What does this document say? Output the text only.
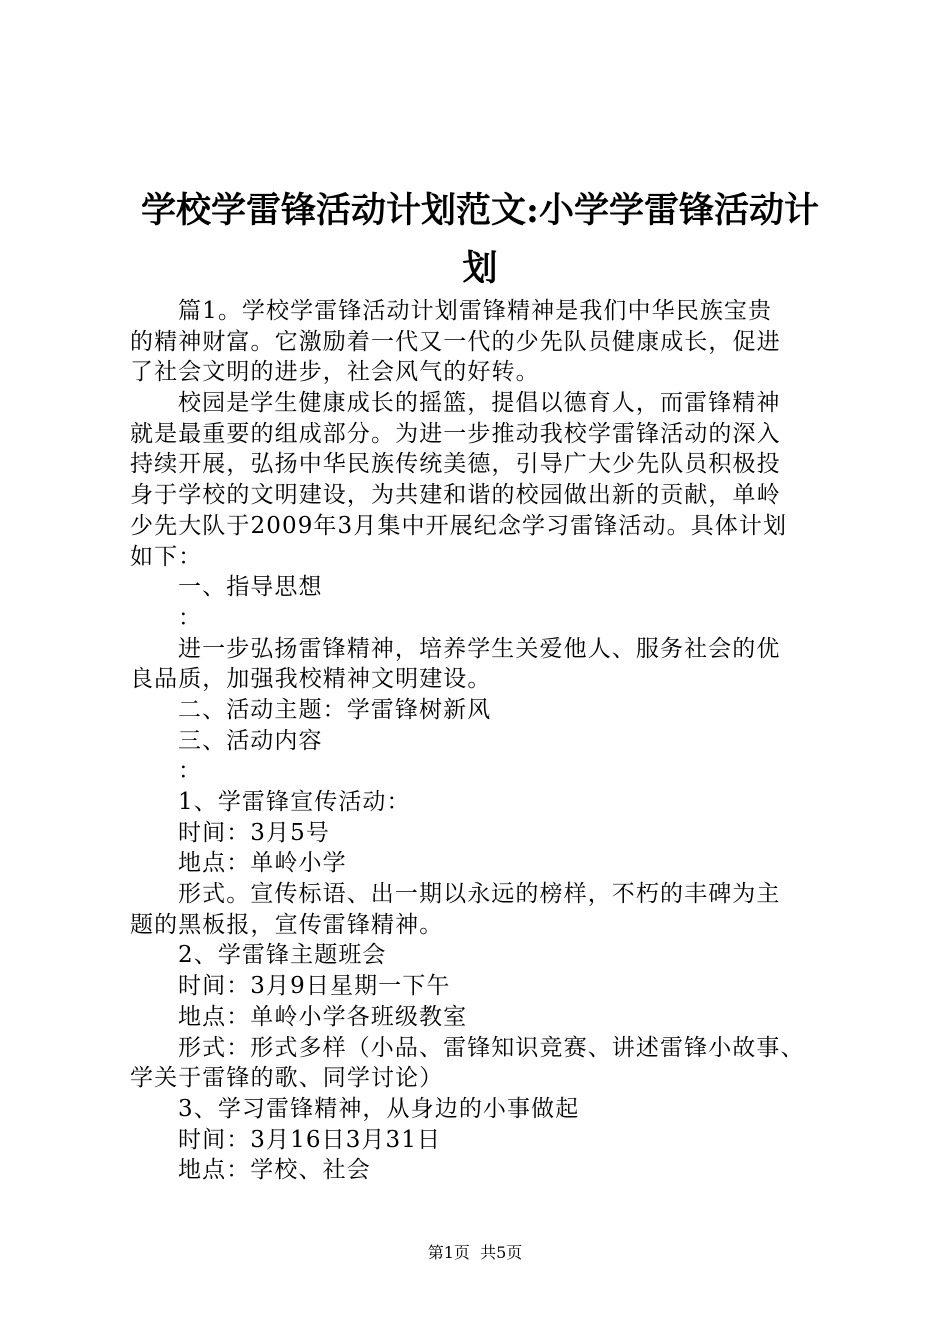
学校学雷锋活动计划范文:小学学雷锋活动计
划
篇1。学校学雷锋活动计划雷锋精神是我们中华民族宝贵
的精神财富。它激励着一代又一代的少先队员健康成长，促进
了社会文明的进步，社会风气的好转。
校园是学生健康成长的摇篮，提倡以德育人，而雷锋精神
就是最重要的组成部分。为进一步推动我校学雷锋活动的深入
持续开展，弘扬中华民族传统美德，引导广大少先队员积极投
身于学校的文明建设，为共建和谐的校园做出新的贡献，单岭
少先大队于2009年3月集中开展纪念学习雷锋活动。具体计划
如下：
一、指导思想
：
进一步弘扬雷锋精神，培养学生关爱他人、服务社会的优
良品质，加强我校精神文明建设。
二、活动主题：学雷锋树新风
三、活动内容
：
1、学雷锋宣传活动：
时间：3月5号
地点：单岭小学
形式。宣传标语、出一期以永远的榜样，不朽的丰碑为主
题的黑板报，宣传雷锋精神。
2、学雷锋主题班会
时间：3月9日星期一下午
地点：单岭小学各班级教室
形式：形式多样（小品、雷锋知识竞赛、讲述雷锋小故事、
学关于雷锋的歌、同学讨论）
3、学习雷锋精神，从身边的小事做起
时间：3月16日3月31日
地点：学校、社会
第1页  共5页
